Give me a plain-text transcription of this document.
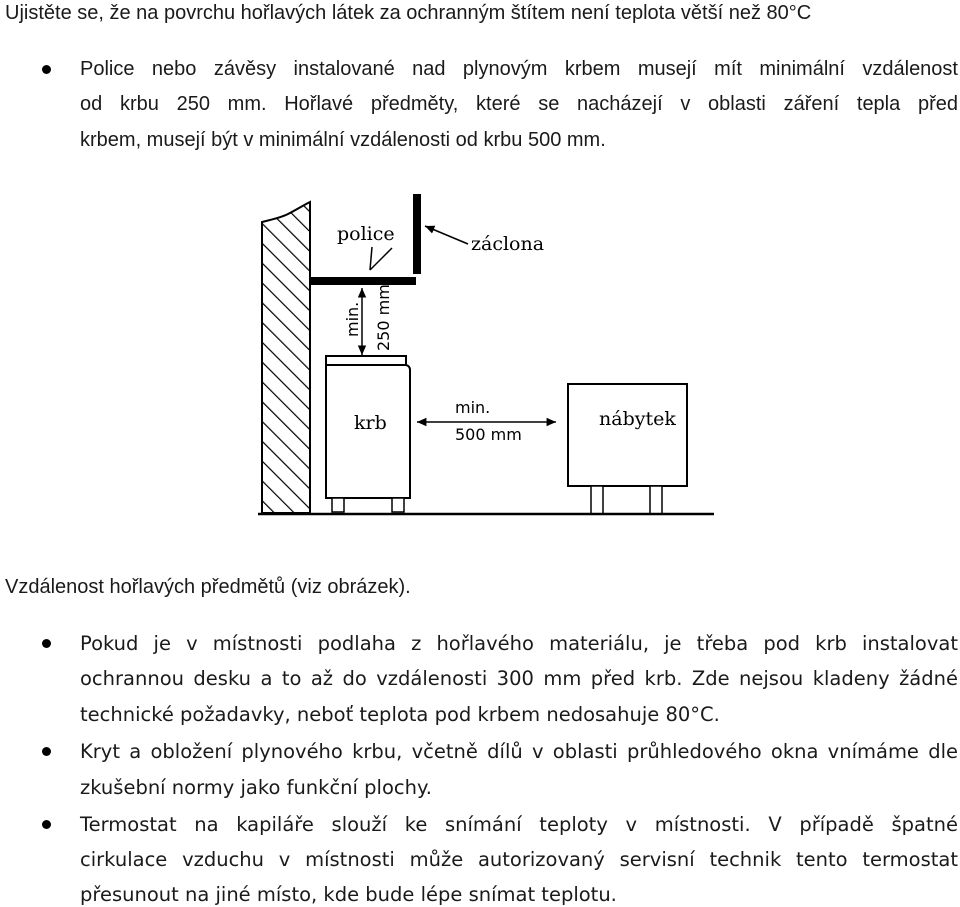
Ujistěte se, že na povrchu hořlavých látek za ochranným štítem není teplota větší než 80°C
Police nebo závěsy instalované nad plynovým krbem musejí mít minimální vzdálenost
od krbu 250 mm. Hořlavé předměty, které se nacházejí v oblasti záření tepla před
krbem, musejí být v minimální vzdálenosti od krbu 500 mm.
police	záclona
min. 250 mm
krb
min.
500 mm
nábytek
Vzdálenost hořlavých předmětů (viz obrázek).
Pokud je v místnosti podlaha z hořlavého materiálu, je třeba pod krb instalovat
ochrannou desku a to až do vzdálenosti 300 mm před krb. Zde nejsou kladeny žádné
technické požadavky, neboť teplota pod krbem nedosahuje 80°C.
Kryt a obložení plynového krbu, včetně dílů v oblasti průhledového okna vnímáme dle
zkušební normy jako funkční plochy.
Termostat na kapiláře slouží ke snímání teploty v místnosti. V případě špatné
cirkulace vzduchu v místnosti může autorizovaný servisní technik tento termostat
přesunout na jiné místo, kde bude lépe snímat teplotu.
